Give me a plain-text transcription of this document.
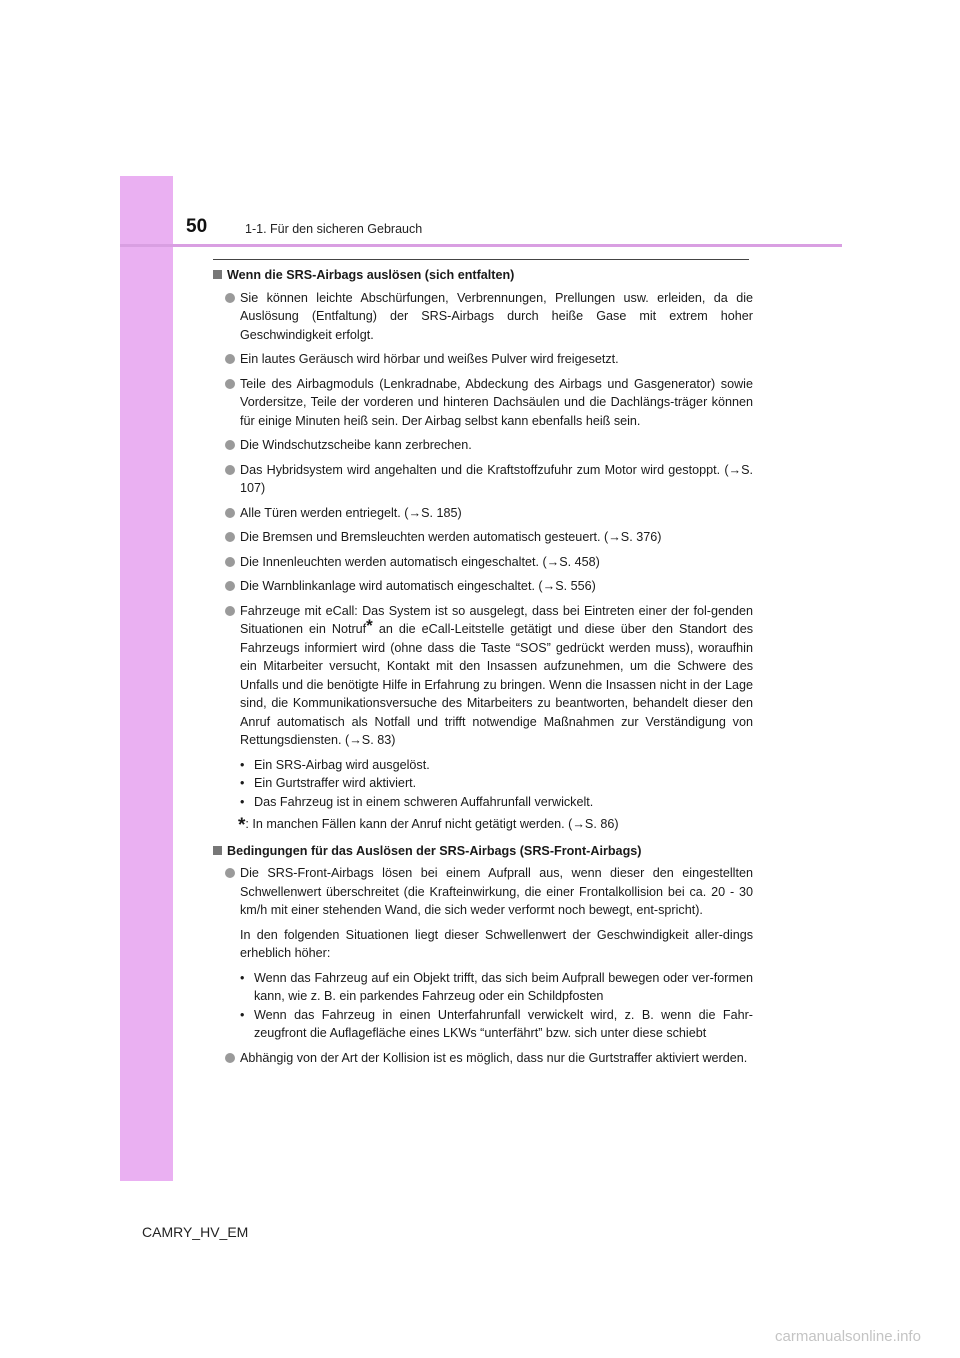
50	1-1. Für den sicheren Gebrauch
Wenn die SRS-Airbags auslösen (sich entfalten)
Sie können leichte Abschürfungen, Verbrennungen, Prellungen usw. erleiden, da die Auslösung (Entfaltung) der SRS-Airbags durch heiße Gase mit extrem hoher Geschwindigkeit erfolgt.
Ein lautes Geräusch wird hörbar und weißes Pulver wird freigesetzt.
Teile des Airbagmoduls (Lenkradnabe, Abdeckung des Airbags und Gasgenerator) sowie Vordersitze, Teile der vorderen und hinteren Dachsäulen und die Dachlängs-träger können für einige Minuten heiß sein. Der Airbag selbst kann ebenfalls heiß sein.
Die Windschutzscheibe kann zerbrechen.
Das Hybridsystem wird angehalten und die Kraftstoffzufuhr zum Motor wird gestoppt. (→S. 107)
Alle Türen werden entriegelt. (→S. 185)
Die Bremsen und Bremsleuchten werden automatisch gesteuert. (→S. 376)
Die Innenleuchten werden automatisch eingeschaltet. (→S. 458)
Die Warnblinkanlage wird automatisch eingeschaltet. (→S. 556)
Fahrzeuge mit eCall: Das System ist so ausgelegt, dass bei Eintreten einer der fol-genden Situationen ein Notruf* an die eCall-Leitstelle getätigt und diese über den Standort des Fahrzeugs informiert wird (ohne dass die Taste “SOS” gedrückt werden muss), woraufhin ein Mitarbeiter versucht, Kontakt mit den Insassen aufzunehmen, um die Schwere des Unfalls und die benötigte Hilfe in Erfahrung zu bringen. Wenn die Insassen nicht in der Lage sind, die Kommunikationsversuche des Mitarbeiters zu beantworten, behandelt dieser den Anruf automatisch als Notfall und trifft notwendige Maßnahmen zur Verständigung von Rettungsdiensten. (→S. 83)
• Ein SRS-Airbag wird ausgelöst.
• Ein Gurtstraffer wird aktiviert.
• Das Fahrzeug ist in einem schweren Auffahrunfall verwickelt.
*: In manchen Fällen kann der Anruf nicht getätigt werden. (→S. 86)
Bedingungen für das Auslösen der SRS-Airbags (SRS-Front-Airbags)
Die SRS-Front-Airbags lösen bei einem Aufprall aus, wenn dieser den eingestellten Schwellenwert überschreitet (die Krafteinwirkung, die einer Frontalkollision bei ca. 20 - 30 km/h mit einer stehenden Wand, die sich weder verformt noch bewegt, ent-spricht).
In den folgenden Situationen liegt dieser Schwellenwert der Geschwindigkeit aller-dings erheblich höher:
• Wenn das Fahrzeug auf ein Objekt trifft, das sich beim Aufprall bewegen oder ver-formen kann, wie z. B. ein parkendes Fahrzeug oder ein Schildpfosten
• Wenn das Fahrzeug in einen Unterfahrunfall verwickelt wird, z. B. wenn die Fahr-zeugfront die Auflagefläche eines LKWs “unterfährt” bzw. sich unter diese schiebt
Abhängig von der Art der Kollision ist es möglich, dass nur die Gurtstraffer aktiviert werden.
CAMRY_HV_EM
carmanualsonline.info
